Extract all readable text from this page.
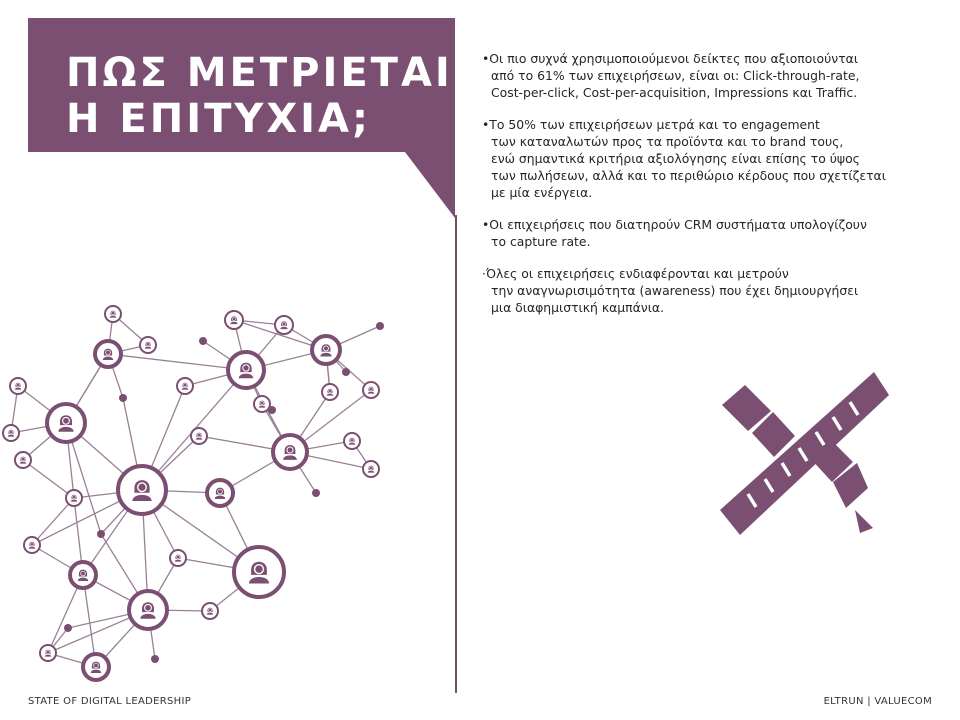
ΠΩΣ ΜΕΤΡΙΕΤΑΙ
Η ΕΠΙΤΥΧΙΑ;
•Οι πιο συχνά χρησιμοποιούμενοι δείκτες που αξιοποιούνται
από το 61% των επιχειρήσεων, είναι οι: Click-through-rate,
Cost-per-click, Cost-per-acquisition, Impressions και Traffic.
•Το 50% των επιχειρήσεων μετρά και το engagement
των καταναλωτών προς τα προϊόντα και το brand τους,
ενώ σημαντικά κριτήρια αξιολόγησης είναι επίσης το ύψος
των πωλήσεων, αλλά και το περιθώριο κέρδους που σχετίζεται
με μία ενέργεια.
•Οι επιχειρήσεις που διατηρούν CRM συστήματα υπολογίζουν
το capture rate.
·Όλες οι επιχειρήσεις ενδιαφέρονται και μετρούν
την αναγνωρισιμότητα (awareness) που έχει δημιουργήσει
μια διαφημιστική καμπάνια.
STATE OF DIGITAL LEADERSHIP	ELTRUN | VALUECOM
